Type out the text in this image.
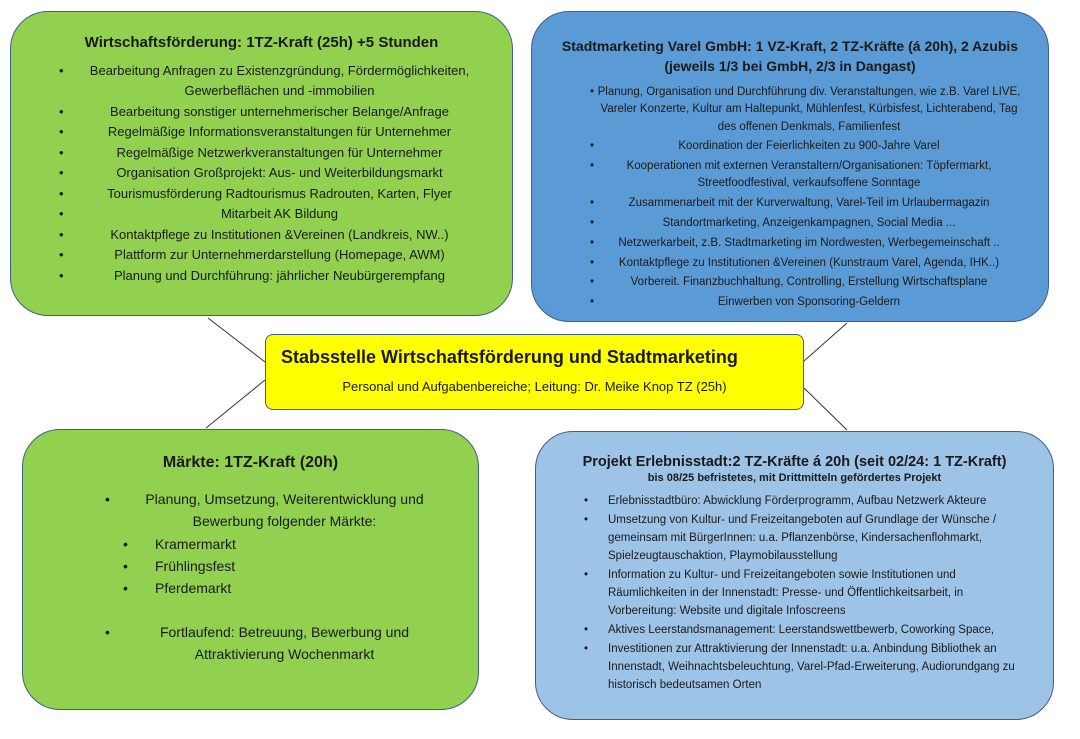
Wirtschaftsförderung: 1TZ-Kraft (25h) +5 Stunden
• Bearbeitung Anfragen zu Existenzgründung, Fördermöglichkeiten, Gewerbeflächen und -immobilien
•	Bearbeitung sonstiger unternehmerischer Belange/Anfrage
•	Regelmäßige Informationsveranstaltungen für Unternehmer
•	Regelmäßige Netzwerkveranstaltungen für Unternehmer
•	Organisation Großprojekt: Aus- und Weiterbildungsmarkt
•	Tourismusförderung Radtourismus Radrouten, Karten, Flyer
•	Mitarbeit AK Bildung
•	Kontaktpflege zu Institutionen &Vereinen (Landkreis, NW..)
•	Plattform zur Unternehmerdarstellung (Homepage, AWM)
•	Planung und Durchführung: jährlicher Neubürgerempfang
Stadtmarketing Varel GmbH: 1 VZ-Kraft, 2 TZ-Kräfte (á 20h), 2 Azubis (jeweils 1/3 bei GmbH, 2/3 in Dangast)
• Planung, Organisation und Durchführung div. Veranstaltungen, wie z.B. Varel LIVE, Vareler Konzerte, Kultur am Haltepunkt, Mühlenfest, Kürbisfest, Lichterabend, Tag des offenen Denkmals, Familienfest
•	Koordination der Feierlichkeiten zu 900-Jahre Varel
•	Kooperationen mit externen Veranstaltern/Organisationen: Töpfermarkt, Streetfoodfestival, verkaufsoffene Sonntage
•	Zusammenarbeit mit der Kurverwaltung, Varel-Teil im Urlaubermagazin
•	Standortmarketing, Anzeigenkampagnen, Social Media ...
• Netzwerkarbeit, z.B. Stadtmarketing im Nordwesten, Werbegemeinschaft ..
• Kontaktpflege zu Institutionen &Vereinen (Kunstraum Varel, Agenda, IHK..)
•	Vorbereit. Finanzbuchhaltung, Controlling, Erstellung Wirtschaftsplane
•	Einwerben von Sponsoring-Geldern
Stabsstelle Wirtschaftsförderung und Stadtmarketing
Personal und Aufgabenbereiche; Leitung: Dr. Meike Knop TZ (25h)
Märkte: 1TZ-Kraft (20h)
•	Planung, Umsetzung, Weiterentwicklung und Bewerbung folgender Märkte:
• Kramermarkt
• Frühlingsfest
• Pferdemarkt
•	Fortlaufend: Betreuung, Bewerbung und Attraktivierung Wochenmarkt
Projekt Erlebnisstadt:2 TZ-Kräfte á 20h (seit 02/24: 1 TZ-Kraft)
bis 08/25 befristetes, mit Drittmitteln gefördertes Projekt
• Erlebnisstadtbüro: Abwicklung Förderprogramm, Aufbau Netzwerk Akteure
• Umsetzung von Kultur- und Freizeitangeboten auf Grundlage der Wünsche / gemeinsam mit BürgerInnen: u.a. Pflanzenbörse, Kindersachenflohmarkt, Spielzeugtauschaktion, Playmobilausstellung
• Information zu Kultur- und Freizeitangeboten sowie Institutionen und Räumlichkeiten in der Innenstadt: Presse- und Öffentlichkeitsarbeit, in Vorbereitung: Website und digitale Infoscreens
• Aktives Leerstandsmanagement: Leerstandswettbewerb, Coworking Space,
• Investitionen zur Attraktivierung der Innenstadt: u.a. Anbindung Bibliothek an Innenstadt, Weihnachtsbeleuchtung, Varel-Pfad-Erweiterung, Audiorundgang zu historisch bedeutsamen Orten
